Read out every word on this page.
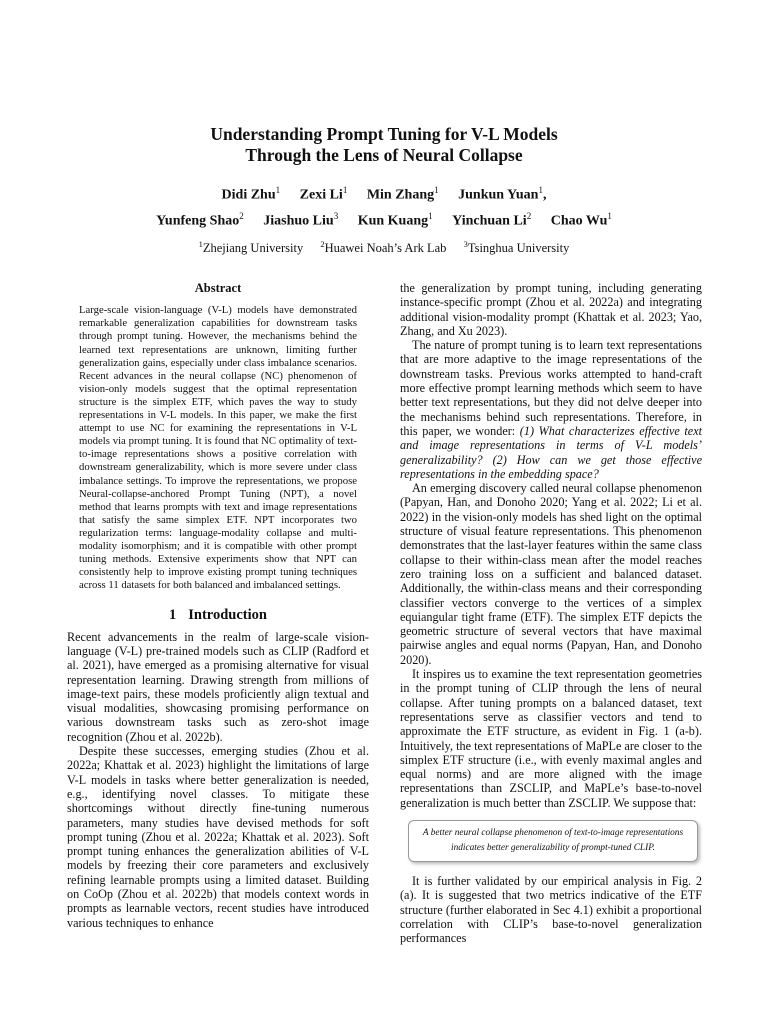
Understanding Prompt Tuning for V-L Models
Through the Lens of Neural Collapse
Didi Zhu$^1$ Zexi Li$^1$ Min Zhang$^1$ Junkun Yuan$^1$,
Yunfeng Shao$^2$ Jiashuo Liu$^3$ Kun Kuang$^1$ Yinchuan Li$^2$ Chao Wu$^1$
$^1$Zhejiang University $^2$Huawei Noah’s Ark Lab $^3$Tsinghua University
Abstract

Large-scale vision-language (V-L) models have demonstrated remarkable generalization capabilities for downstream tasks through prompt tuning. However, the mechanisms behind the learned text representations are unknown, limiting further generalization gains, especially under class imbalance scenarios. Recent advances in the neural collapse (NC) phenomenon of vision-only models suggest that the optimal representation structure is the simplex ETF, which paves the way to study representations in V-L models. In this paper, we make the first attempt to use NC for examining the representations in V-L models via prompt tuning. It is found that NC optimality of text-to-image representations shows a positive correlation with downstream generalizability, which is more severe under class imbalance settings. To improve the representations, we propose Neural-collapse-anchored Prompt Tuning (NPT), a novel method that learns prompts with text and image representations that satisfy the same simplex ETF. NPT incorporates two regularization terms: language-modality collapse and multi-modality isomorphism; and it is compatible with other prompt tuning methods. Extensive experiments show that NPT can consistently help to improve existing prompt tuning techniques across 11 datasets for both balanced and imbalanced settings.

1 Introduction

Recent advancements in the realm of large-scale vision-language (V-L) pre-trained models such as CLIP (Radford et al. 2021), have emerged as a promising alternative for visual representation learning. Drawing strength from millions of image-text pairs, these models proficiently align textual and visual modalities, showcasing promising performance on various downstream tasks such as zero-shot image recognition (Zhou et al. 2022b).

Despite these successes, emerging studies (Zhou et al. 2022a; Khattak et al. 2023) highlight the limitations of large V-L models in tasks where better generalization is needed, e.g., identifying novel classes. To mitigate these shortcomings without directly fine-tuning numerous parameters, many studies have devised methods for soft prompt tuning (Zhou et al. 2022a; Khattak et al. 2023). Soft prompt tuning enhances the generalization abilities of V-L models by freezing their core parameters and exclusively refining learnable prompts using a limited dataset. Building on CoOp (Zhou et al. 2022b) that models context words in prompts as learnable vectors, recent studies have introduced various techniques to enhance

the generalization by prompt tuning, including generating instance-specific prompt (Zhou et al. 2022a) and integrating additional vision-modality prompt (Khattak et al. 2023; Yao, Zhang, and Xu 2023).

The nature of prompt tuning is to learn text representations that are more adaptive to the image representations of the downstream tasks. Previous works attempted to hand-craft more effective prompt learning methods which seem to have better text representations, but they did not delve deeper into the mechanisms behind such representations. Therefore, in this paper, we wonder: (1) What characterizes effective text and image representations in terms of V-L models’ generalizability? (2) How can we get those effective representations in the embedding space?

An emerging discovery called neural collapse phenomenon (Papyan, Han, and Donoho 2020; Yang et al. 2022; Li et al. 2022) in the vision-only models has shed light on the optimal structure of visual feature representations. This phenomenon demonstrates that the last-layer features within the same class collapse to their within-class mean after the model reaches zero training loss on a sufficient and balanced dataset. Additionally, the within-class means and their corresponding classifier vectors converge to the vertices of a simplex equiangular tight frame (ETF). The simplex ETF depicts the geometric structure of several vectors that have maximal pairwise angles and equal norms (Papyan, Han, and Donoho 2020).

It inspires us to examine the text representation geometries in the prompt tuning of CLIP through the lens of neural collapse. After tuning prompts on a balanced dataset, text representations serve as classifier vectors and tend to approximate the ETF structure, as evident in Fig. 1 (a-b). Intuitively, the text representations of MaPLe are closer to the simplex ETF structure (i.e., with evenly maximal angles and equal norms) and are more aligned with the image representations than ZSCLIP, and MaPLe’s base-to-novel generalization is much better than ZSCLIP. We suppose that:

A better neural collapse phenomenon of text-to-image representations
indicates better generalizability of prompt-tuned CLIP.

It is further validated by our empirical analysis in Fig. 2 (a). It is suggested that two metrics indicative of the ETF structure (further elaborated in Sec 4.1) exhibit a proportional correlation with CLIP’s base-to-novel generalization performances
